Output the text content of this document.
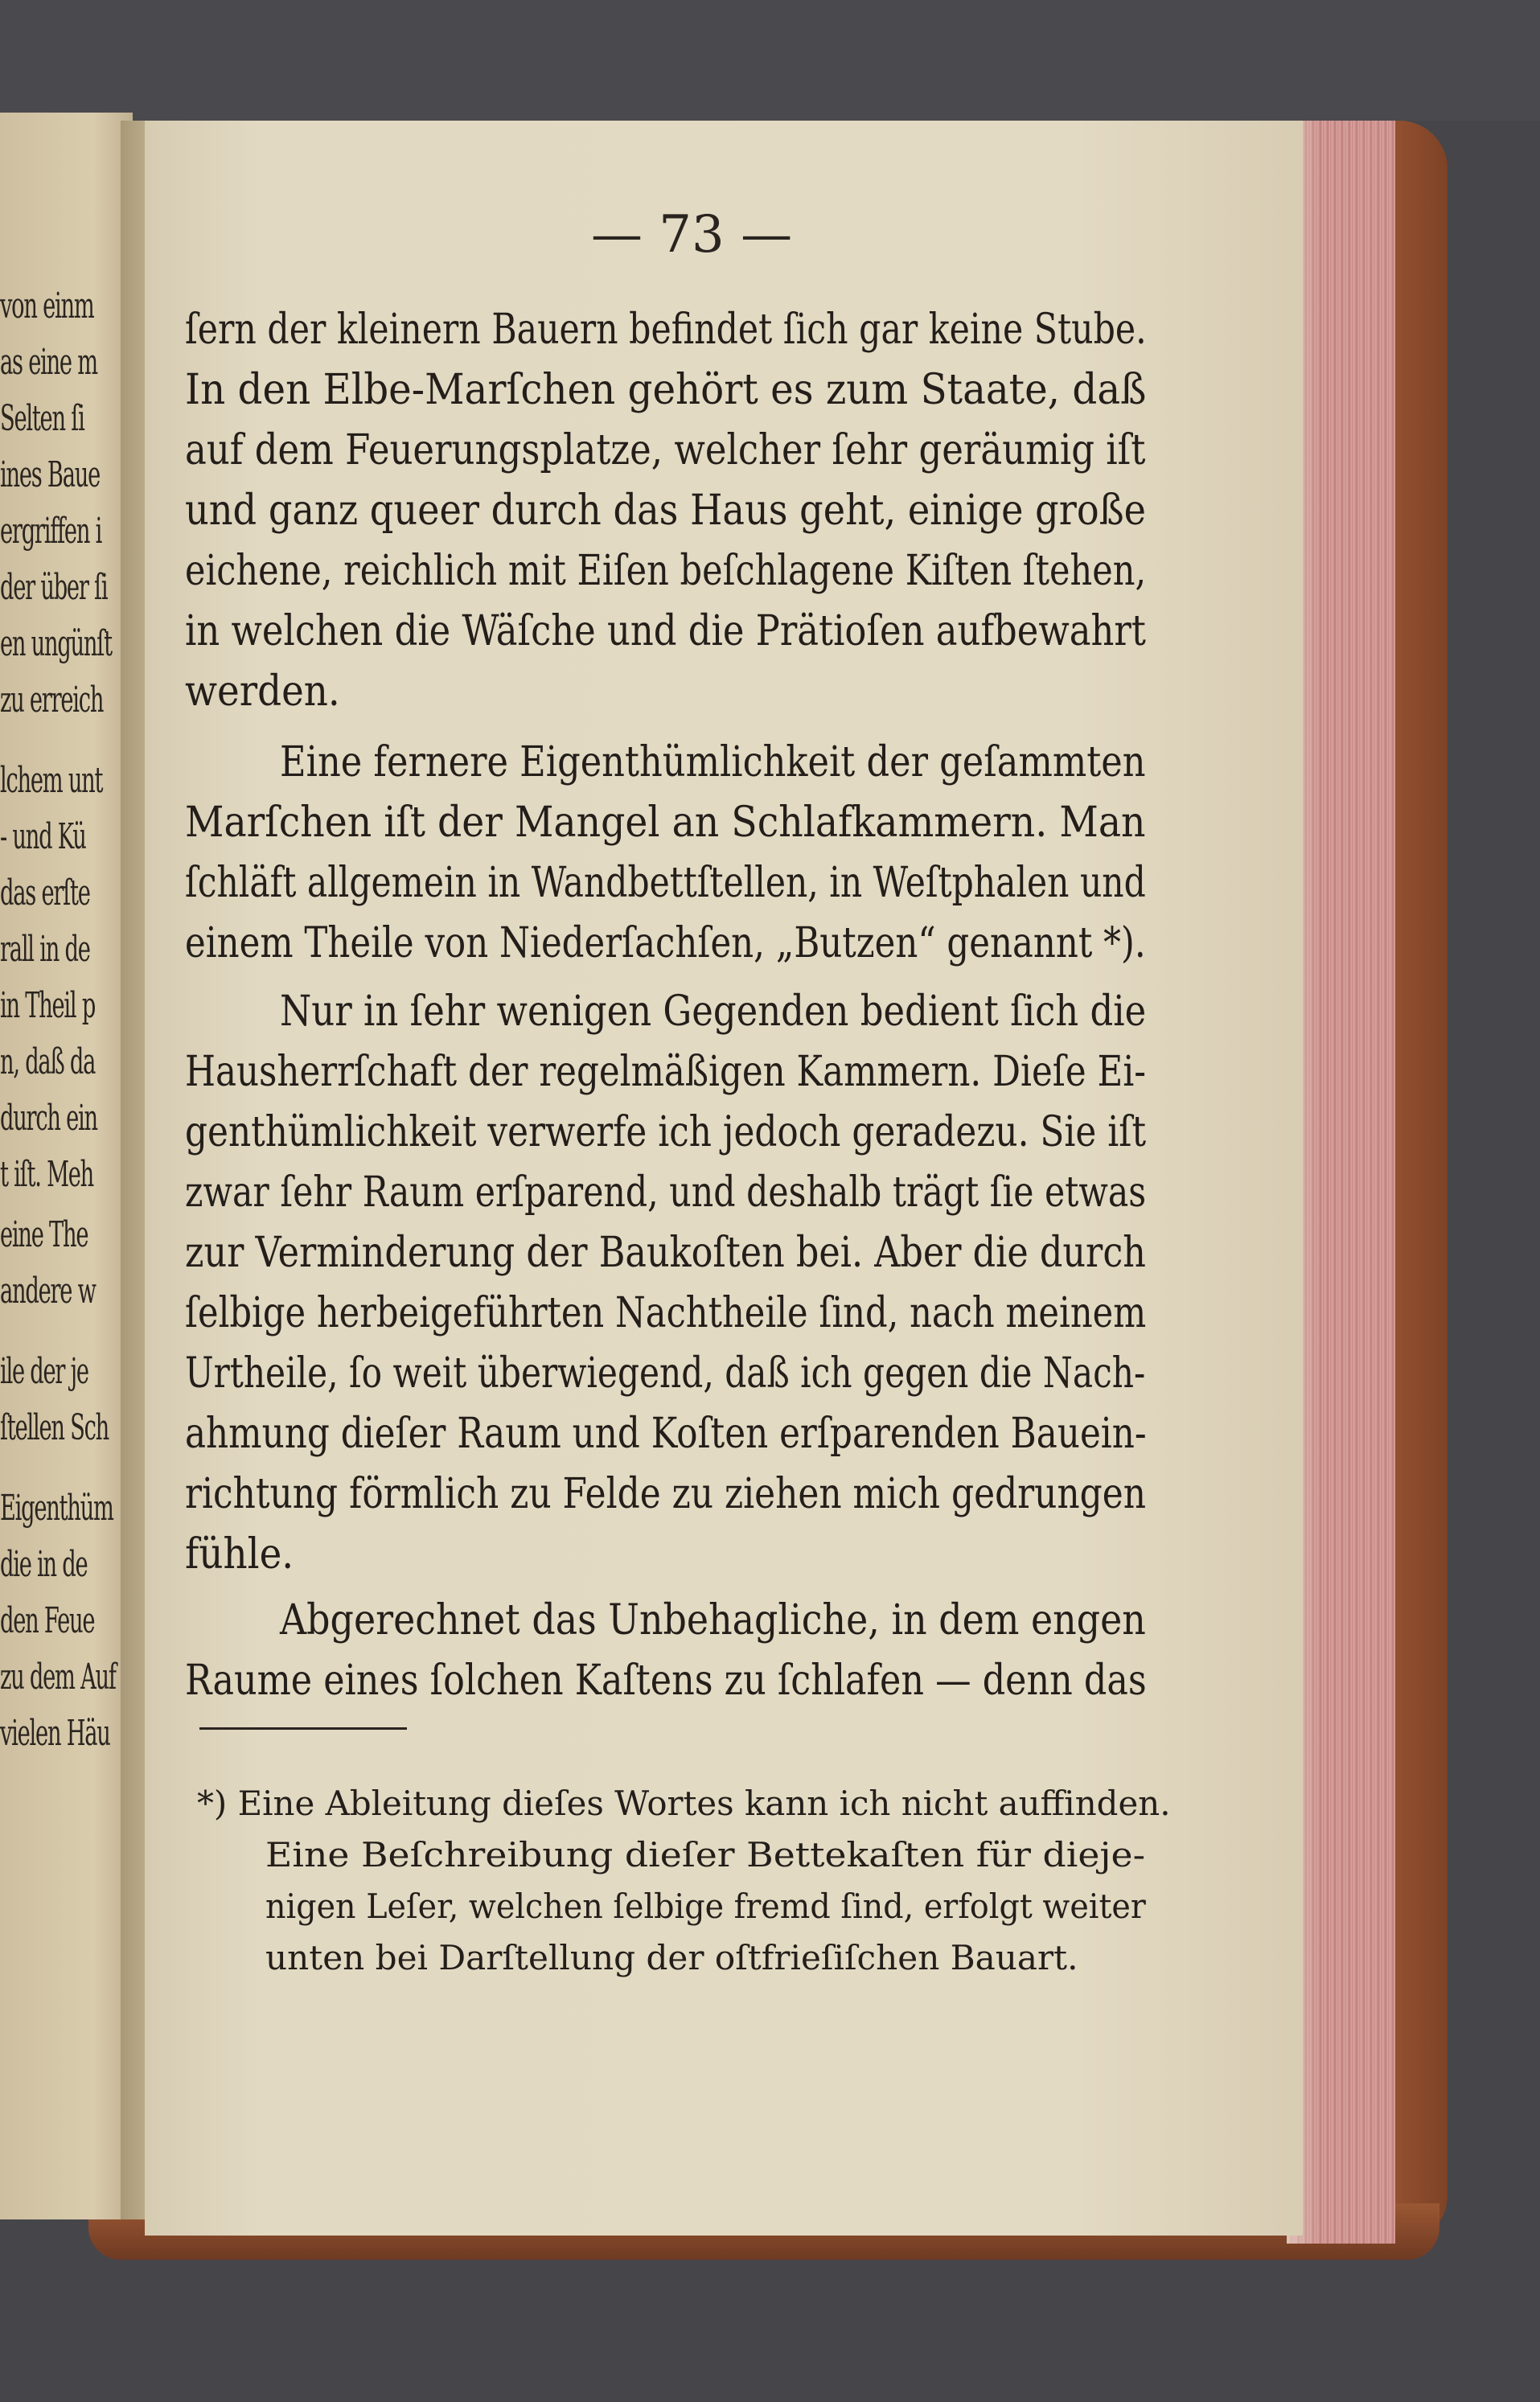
von einm
as eine m
Selten ſi
ines Baue
ergriffen i
der über ſi
en ungünſt
zu erreich
lchem unt
- und Kü
das erſte
rall in de
in Theil p
n, daß da
durch ein
t iſt. Meh
eine The
andere w
ile der je
ſtellen Sch
Eigenthüm
die in de
den Feue
zu dem Auf
vielen Häu
— 73 —
ſern der kleinern Bauern befindet ſich gar keine Stube.
In den Elbe-Marſchen gehört es zum Staate, daß
auf dem Feuerungsplatze, welcher ſehr geräumig iſt
und ganz queer durch das Haus geht, einige große
eichene, reichlich mit Eiſen beſchlagene Kiſten ſtehen,
in welchen die Wäſche und die Prätioſen aufbewahrt
werden.
Eine fernere Eigenthümlichkeit der geſammten
Marſchen iſt der Mangel an Schlafkammern. Man
ſchläft allgemein in Wandbettſtellen, in Weſtphalen und
einem Theile von Niederſachſen, „Butzen“ genannt *).
Nur in ſehr wenigen Gegenden bedient ſich die
Hausherrſchaft der regelmäßigen Kammern. Dieſe Ei-
genthümlichkeit verwerfe ich jedoch geradezu. Sie iſt
zwar ſehr Raum erſparend, und deshalb trägt ſie etwas
zur Verminderung der Baukoſten bei. Aber die durch
ſelbige herbeigeführten Nachtheile ſind, nach meinem
Urtheile, ſo weit überwiegend, daß ich gegen die Nach-
ahmung dieſer Raum und Koſten erſparenden Bauein-
richtung förmlich zu Felde zu ziehen mich gedrungen
fühle.
Abgerechnet das Unbehagliche, in dem engen
Raume eines ſolchen Kaſtens zu ſchlafen — denn das
*) Eine Ableitung dieſes Wortes kann ich nicht auffinden.
Eine Beſchreibung dieſer Bettekaſten für dieje-
nigen Leſer, welchen ſelbige fremd ſind, erfolgt weiter
unten bei Darſtellung der oſtfrieſiſchen Bauart.
